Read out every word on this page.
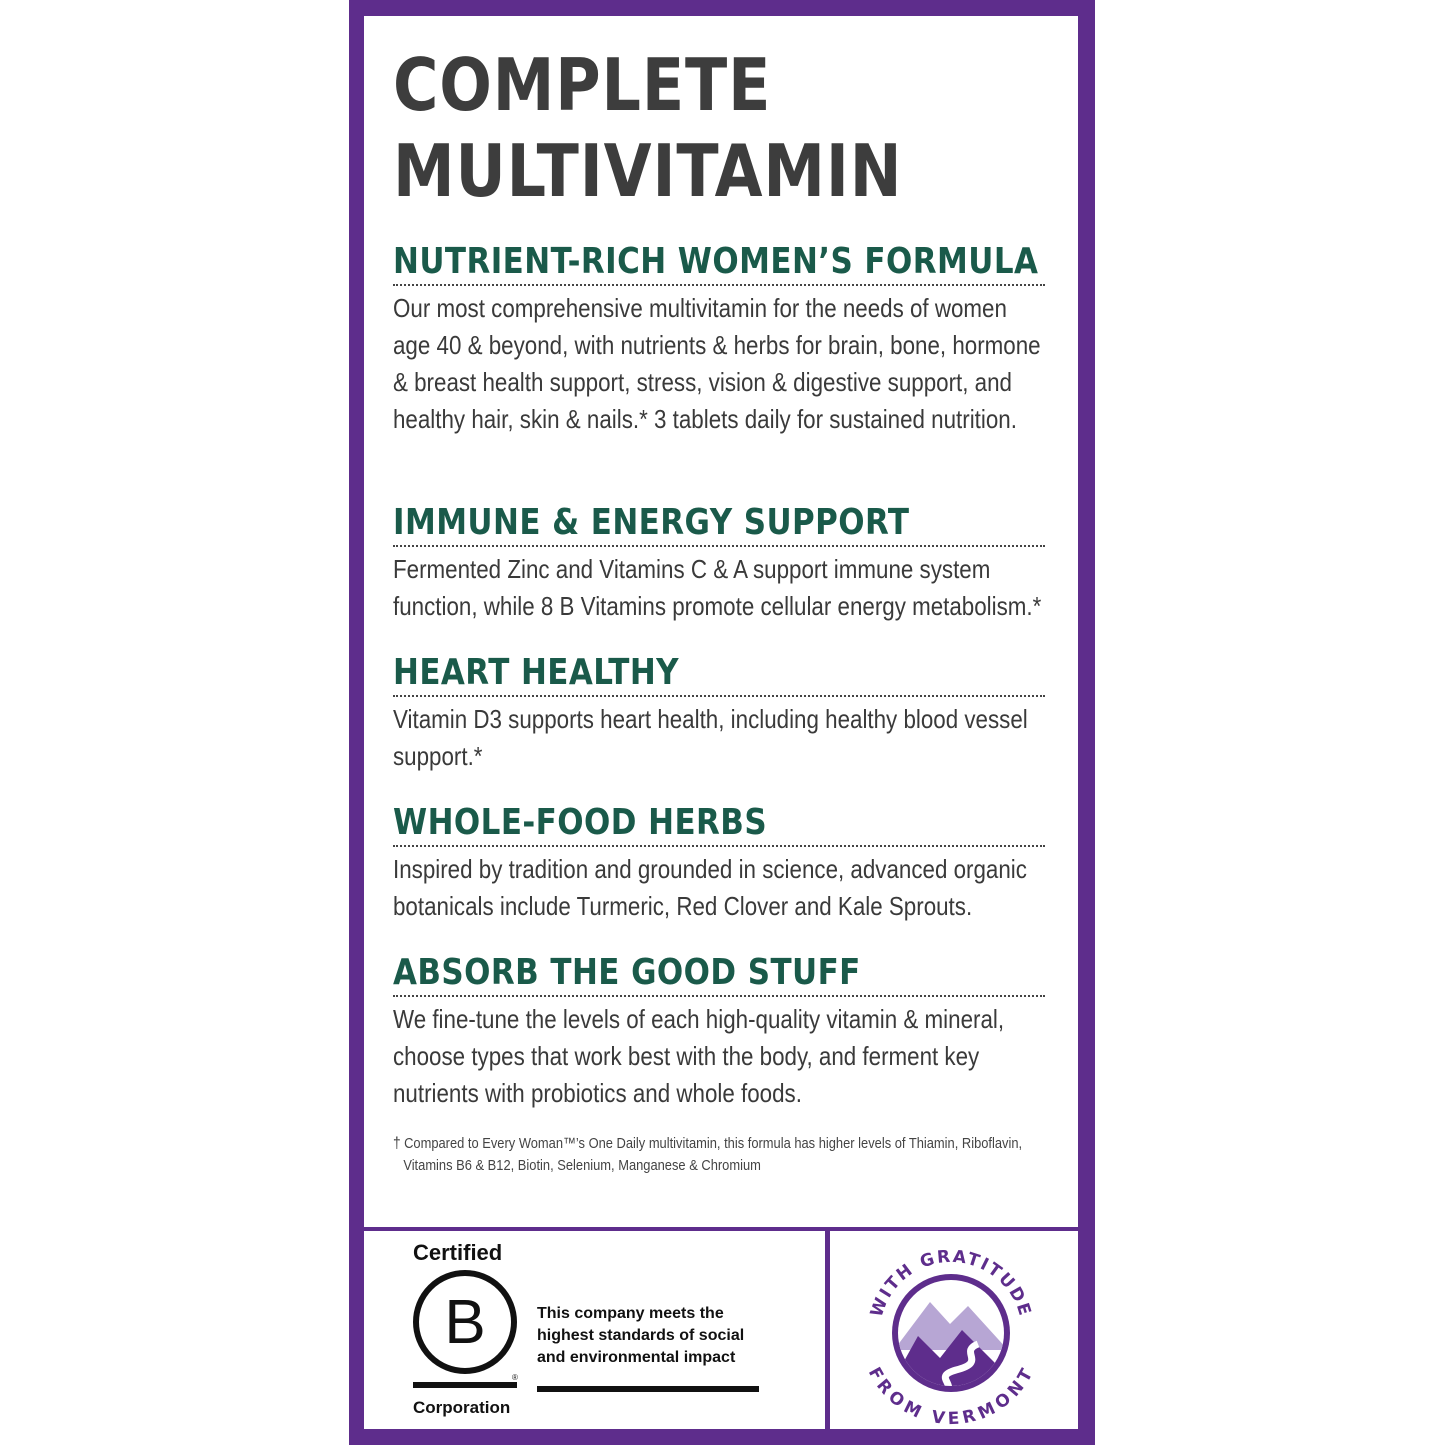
COMPLETE
MULTIVITAMIN
NUTRIENT-RICH WOMEN’S FORMULA

Our most comprehensive multivitamin for the needs of women age 40 & beyond, with nutrients & herbs for brain, bone, hormone & breast health support, stress, vision & digestive support, and healthy hair, skin & nails.* 3 tablets daily for sustained nutrition.

IMMUNE & ENERGY SUPPORT

Fermented Zinc and Vitamins C & A support immune system function, while 8 B Vitamins promote cellular energy metabolism.*

HEART HEALTHY

Vitamin D3 supports heart health, including healthy blood vessel support.*

WHOLE-FOOD HERBS

Inspired by tradition and grounded in science, advanced organic botanicals include Turmeric, Red Clover and Kale Sprouts.

ABSORB THE GOOD STUFF

We fine-tune the levels of each high-quality vitamin & mineral, choose types that work best with the body, and ferment key nutrients with probiotics and whole foods.

† Compared to Every Woman™’s One Daily multivitamin, this formula has higher levels of Thiamin, Riboflavin,
Vitamins B6 & B12, Biotin, Selenium, Manganese & Chromium
Certified
B
®
Corporation
This company meets the highest standards of social and environmental impact
WITH GRATITUDE
FROM VERMONT
